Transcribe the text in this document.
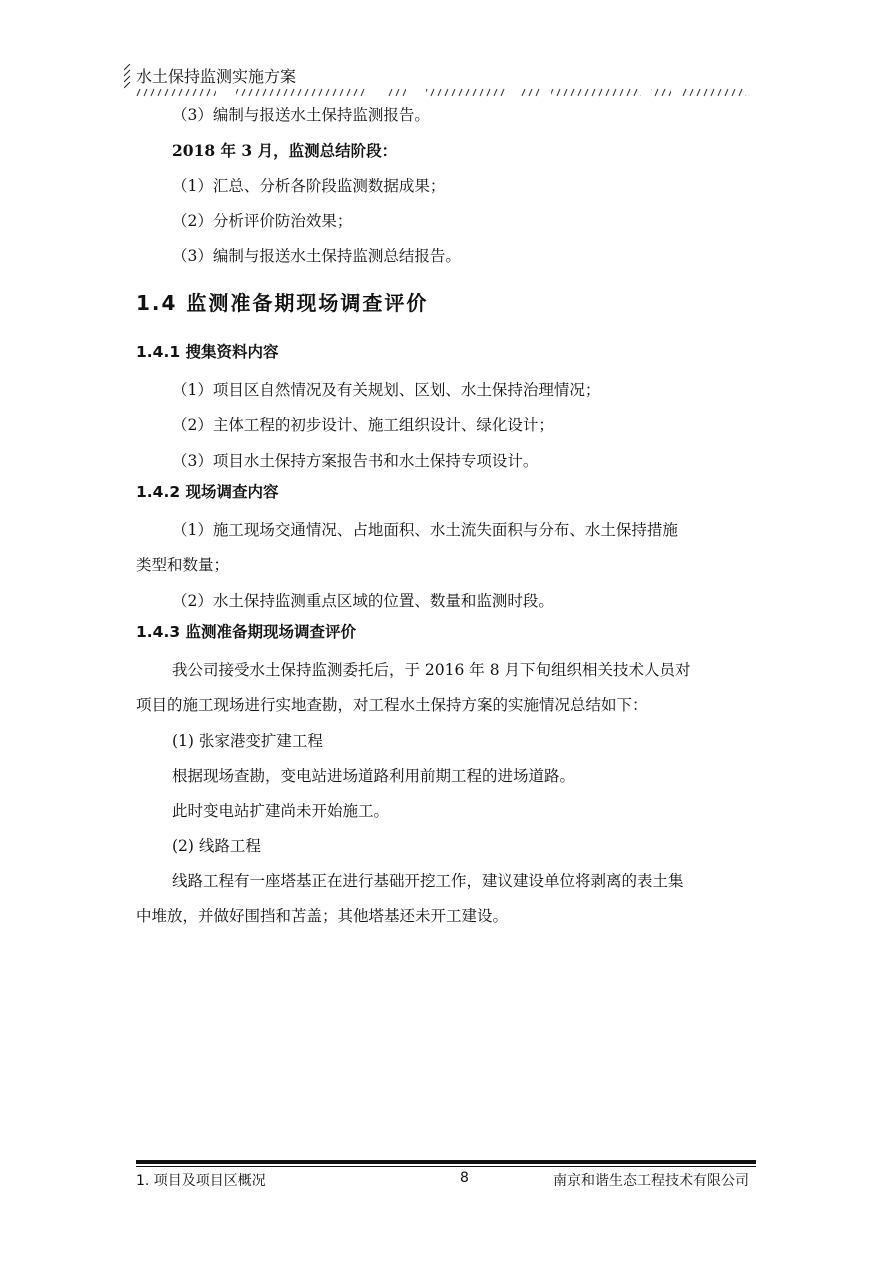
水土保持监测实施方案
（3）编制与报送水土保持监测报告。
2018 年 3 月，监测总结阶段：
（1）汇总、分析各阶段监测数据成果；
（2）分析评价防治效果；
（3）编制与报送水土保持监测总结报告。
1.4 监测准备期现场调查评价
1.4.1 搜集资料内容
（1）项目区自然情况及有关规划、区划、水土保持治理情况；
（2）主体工程的初步设计、施工组织设计、绿化设计；
（3）项目水土保持方案报告书和水土保持专项设计。
1.4.2 现场调查内容
（1）施工现场交通情况、占地面积、水土流失面积与分布、水土保持措施
类型和数量；
（2）水土保持监测重点区域的位置、数量和监测时段。
1.4.3 监测准备期现场调查评价
我公司接受水土保持监测委托后，于 2016 年 8 月下旬组织相关技术人员对
项目的施工现场进行实地查勘，对工程水土保持方案的实施情况总结如下：
(1) 张家港变扩建工程
根据现场查勘，变电站进场道路利用前期工程的进场道路。
此时变电站扩建尚未开始施工。
(2) 线路工程
线路工程有一座塔基正在进行基础开挖工作，建议建设单位将剥离的表土集
中堆放，并做好围挡和苫盖；其他塔基还未开工建设。
1. 项目及项目区概况	8	南京和谐生态工程技术有限公司
